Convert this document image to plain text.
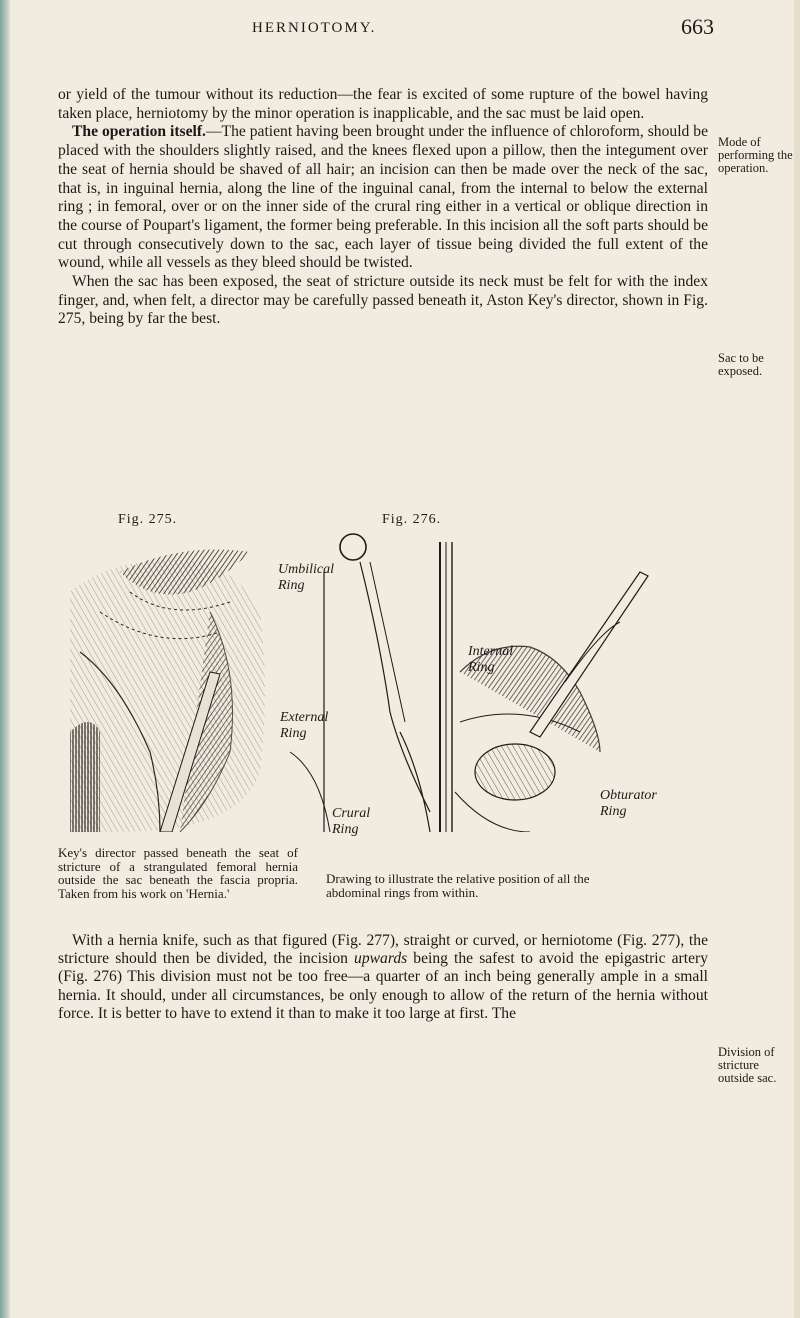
HERNIOTOMY.	663

or yield of the tumour without its reduction—the fear is excited of some rupture of the bowel having taken place, herniotomy by the minor operation is inapplicable, and the sac must be laid open.

The operation itself.—The patient having been brought under the influence of chloroform, should be placed with the shoulders slightly raised, and the knees flexed upon a pillow, then the integument over the seat of hernia should be shaved of all hair; an incision can then be made over the neck of the sac, that is, in inguinal hernia, along the line of the inguinal canal, from the internal to below the external ring ; in femoral, over or on the inner side of the crural ring either in a vertical or oblique direction in the course of Poupart's ligament, the former being preferable. In this incision all the soft parts should be cut through consecutively down to the sac, each layer of tissue being divided the full extent of the wound, while all vessels as they bleed should be twisted.

When the sac has been exposed, the seat of stricture outside its neck must be felt for with the index finger, and, when felt, a director may be carefully passed beneath it, Aston Key's director, shown in Fig. 275, being by far the best.

Mode of performing the operation.
Sac to be exposed.
Fig. 275.	Fig. 276.
Umbilical Ring
Internal Ring
External Ring
Crural Ring
Obturator Ring
Key's director passed beneath the seat of stricture of a strangulated femoral hernia outside the sac beneath the fascia propria. Taken from his work on 'Hernia.'
Drawing to illustrate the relative position of all the abdominal rings from within.

With a hernia knife, such as that figured (Fig. 277), straight or curved, or herniotome (Fig. 277), the stricture should then be divided, the incision upwards being the safest to avoid the epigastric artery (Fig. 276) This division must not be too free—a quarter of an inch being generally ample in a small hernia. It should, under all circumstances, be only enough to allow of the return of the hernia without force. It is better to have to extend it than to make it too large at first. The

Division of stricture outside sac.
